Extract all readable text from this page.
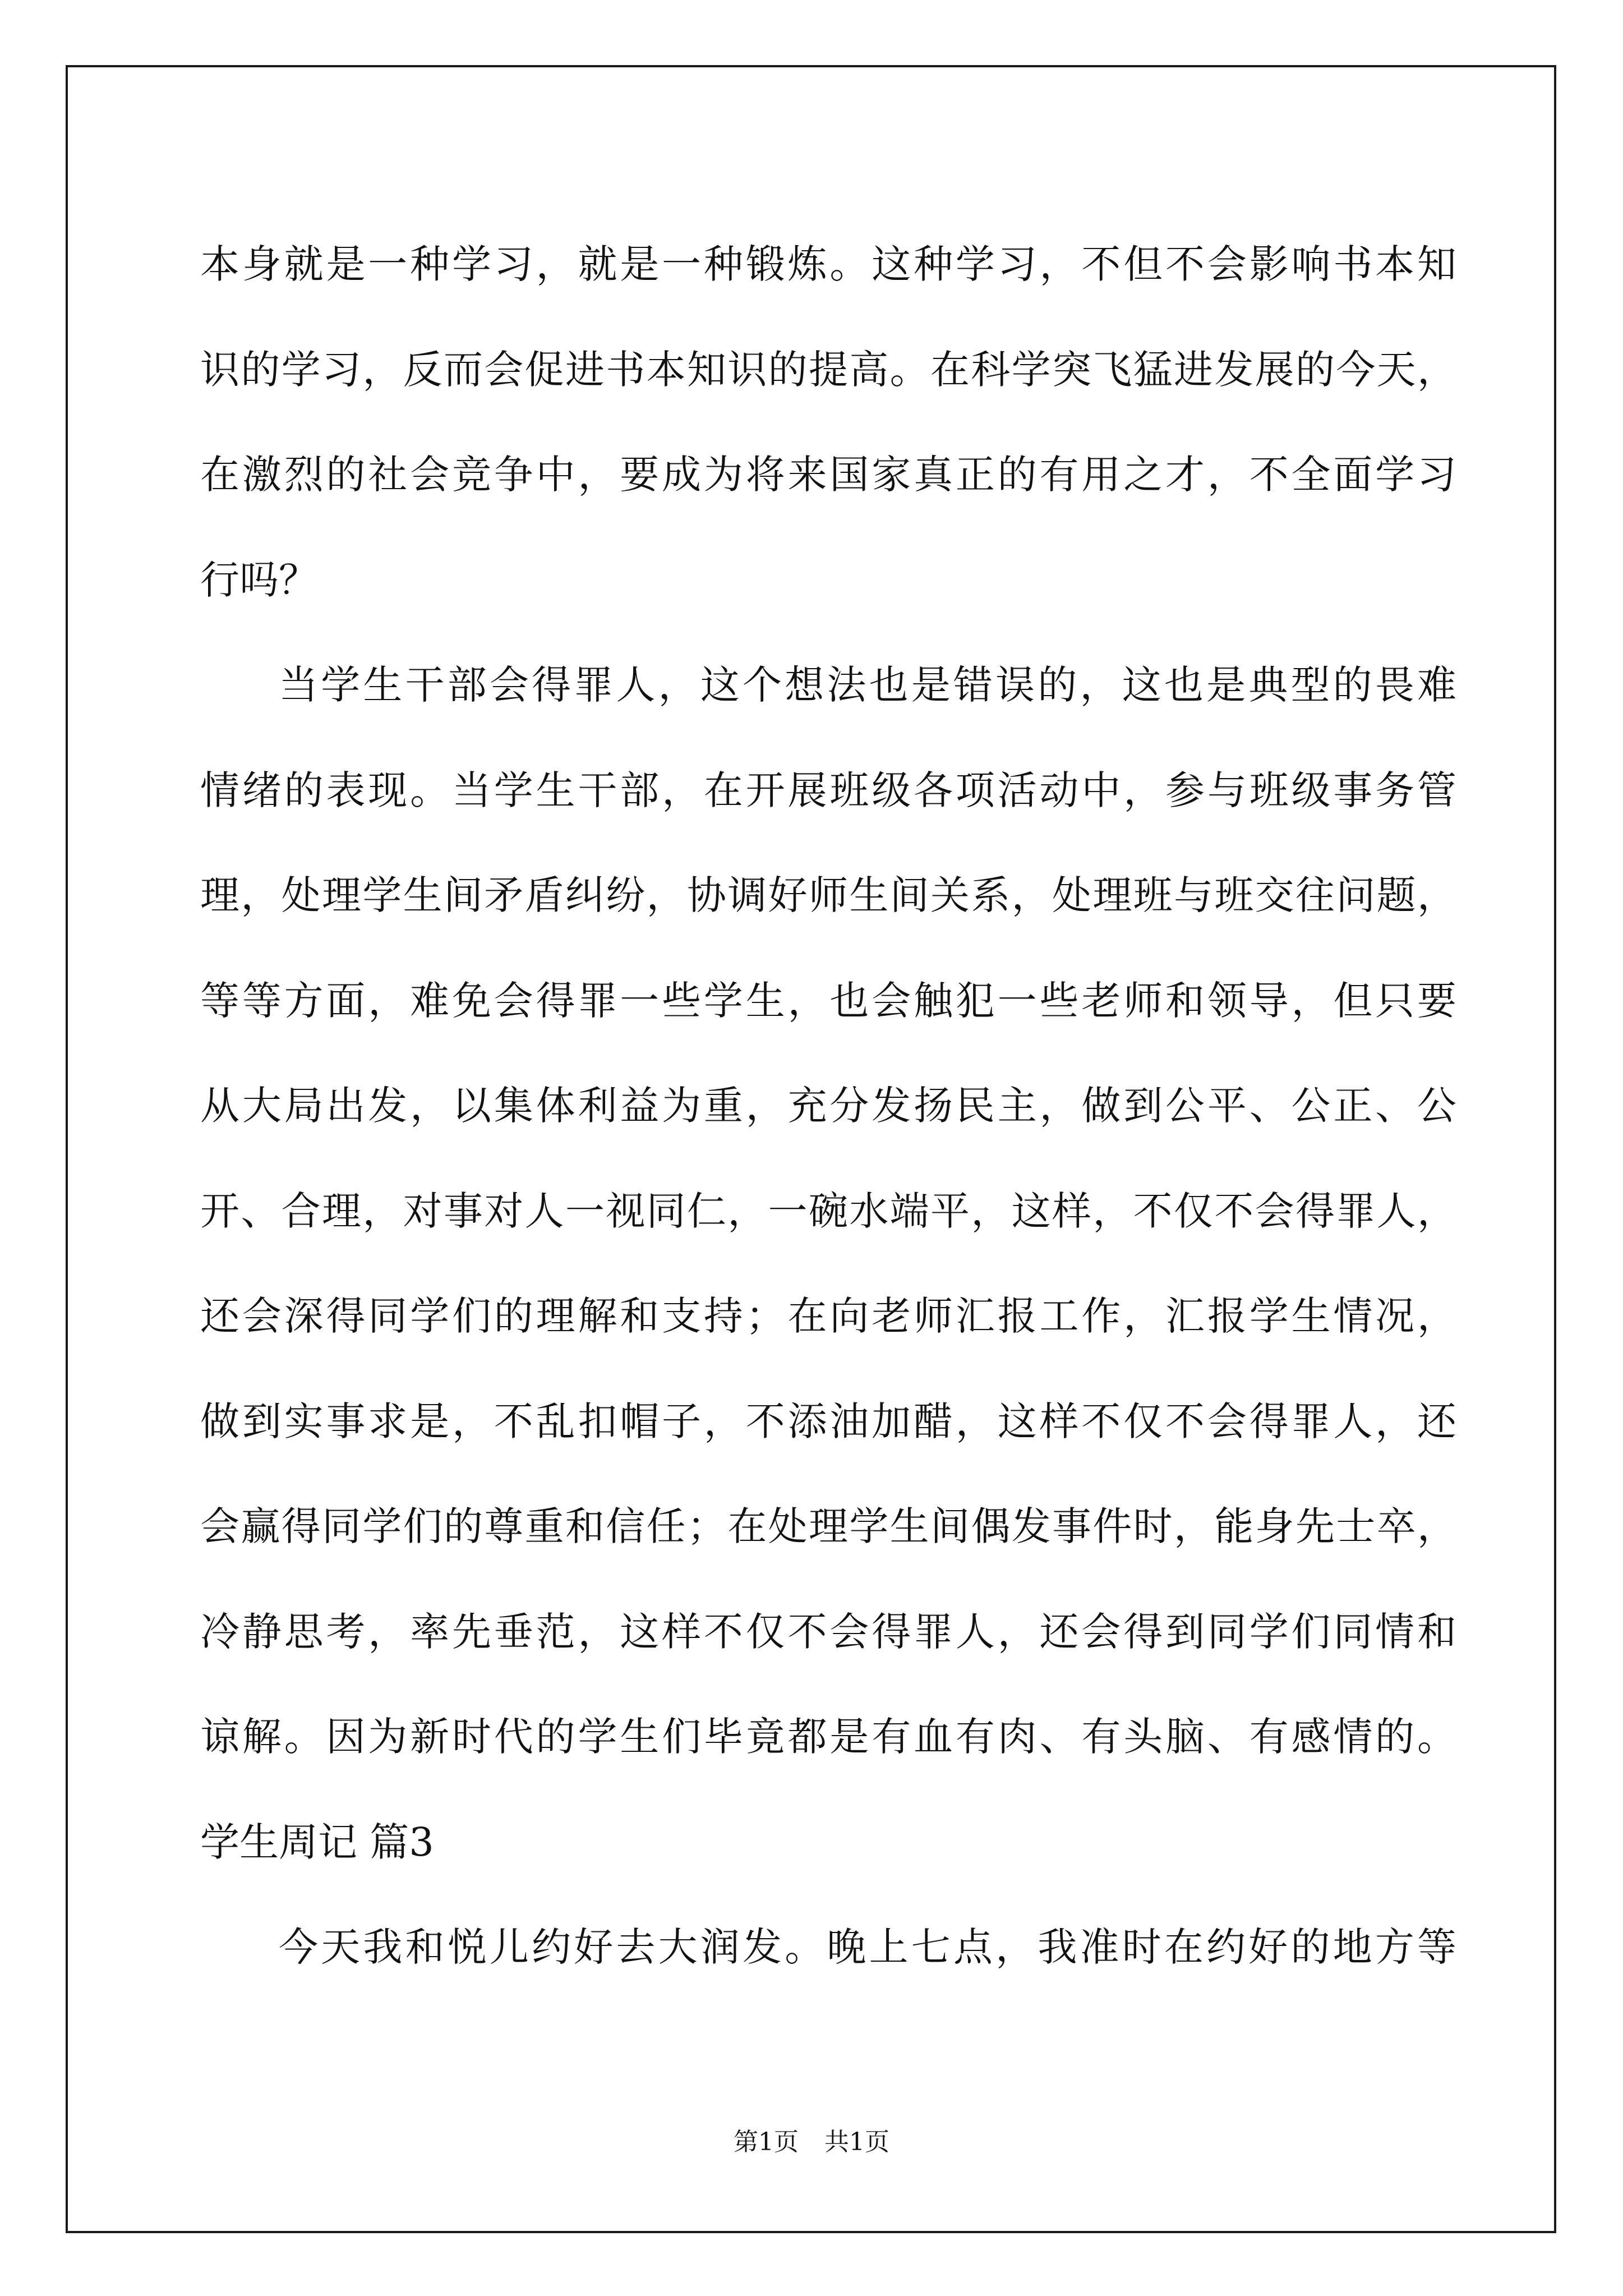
本身就是一种学习，就是一种锻炼。这种学习，不但不会影响书本知
识的学习，反而会促进书本知识的提高。在科学突飞猛进发展的今天，
在激烈的社会竞争中，要成为将来国家真正的有用之才，不全面学习
行吗？
当学生干部会得罪人，这个想法也是错误的，这也是典型的畏难
情绪的表现。当学生干部，在开展班级各项活动中，参与班级事务管
理，处理学生间矛盾纠纷，协调好师生间关系，处理班与班交往问题，
等等方面，难免会得罪一些学生，也会触犯一些老师和领导，但只要
从大局出发，以集体利益为重，充分发扬民主，做到公平、公正、公
开、合理，对事对人一视同仁，一碗水端平，这样，不仅不会得罪人，
还会深得同学们的理解和支持；在向老师汇报工作，汇报学生情况，
做到实事求是，不乱扣帽子，不添油加醋，这样不仅不会得罪人，还
会赢得同学们的尊重和信任；在处理学生间偶发事件时，能身先士卒，
冷静思考，率先垂范，这样不仅不会得罪人，还会得到同学们同情和
谅解。因为新时代的学生们毕竟都是有血有肉、有头脑、有感情的。
学生周记 篇3
今天我和悦儿约好去大润发。晚上七点，我准时在约好的地方等
第1页 共1页
